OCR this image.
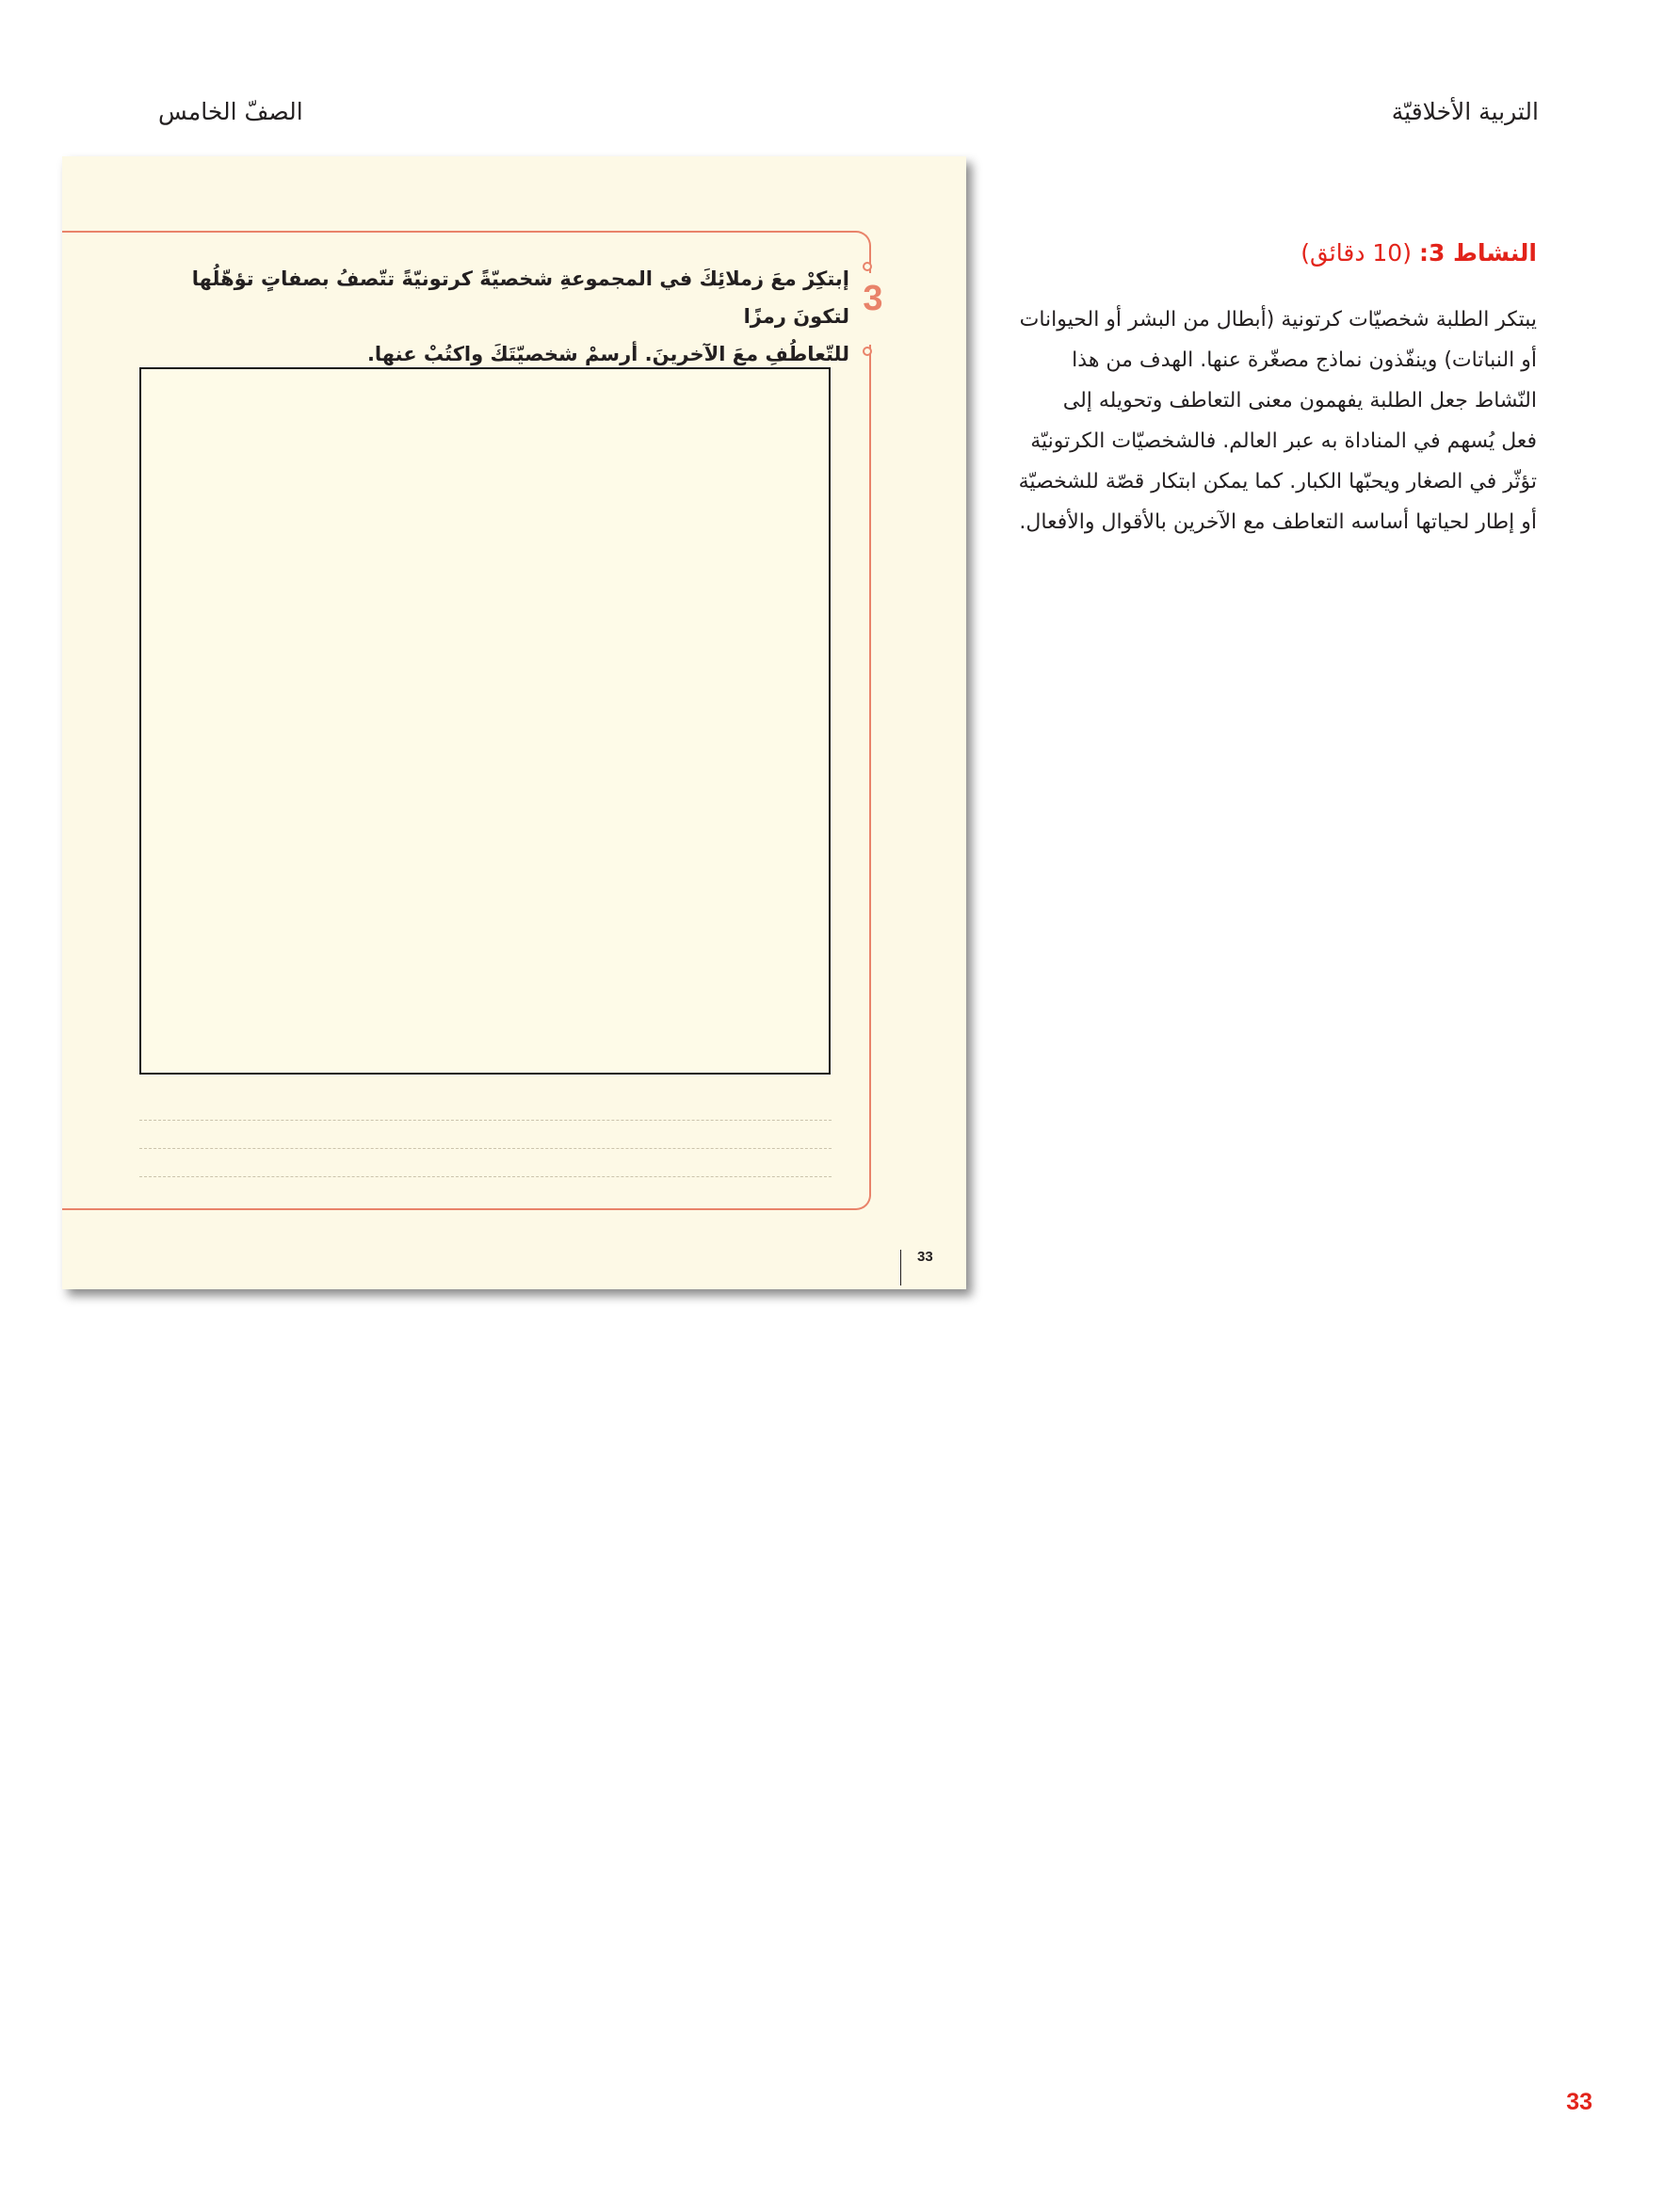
التربية الأخلاقيّة
الصفّ الخامس
3
إبتكِرْ معَ زملائِكَ في المجموعةِ شخصيّةً كرتونيّةً تتّصفُ بصفاتٍ تؤهّلُها لتكونَ رمزًا
للتّعاطُفِ معَ الآخرينَ. أرسمْ شخصيّتَكَ واكتُبْ عنها.
33
النشاط 3: (10 دقائق)
يبتكر الطلبة شخصيّات كرتونية (أبطال من البشر أو الحيوانات
أو النباتات) وينفّذون نماذج مصغّرة عنها. الهدف من هذا
النّشاط جعل الطلبة يفهمون معنى التعاطف وتحويله إلى
فعل يُسهم في المناداة به عبر العالم. فالشخصيّات الكرتونيّة
تؤثّر في الصغار ويحبّها الكبار. كما يمكن ابتكار قصّة للشخصيّة
أو إطار لحياتها أساسه التعاطف مع الآخرين بالأقوال والأفعال.
33
